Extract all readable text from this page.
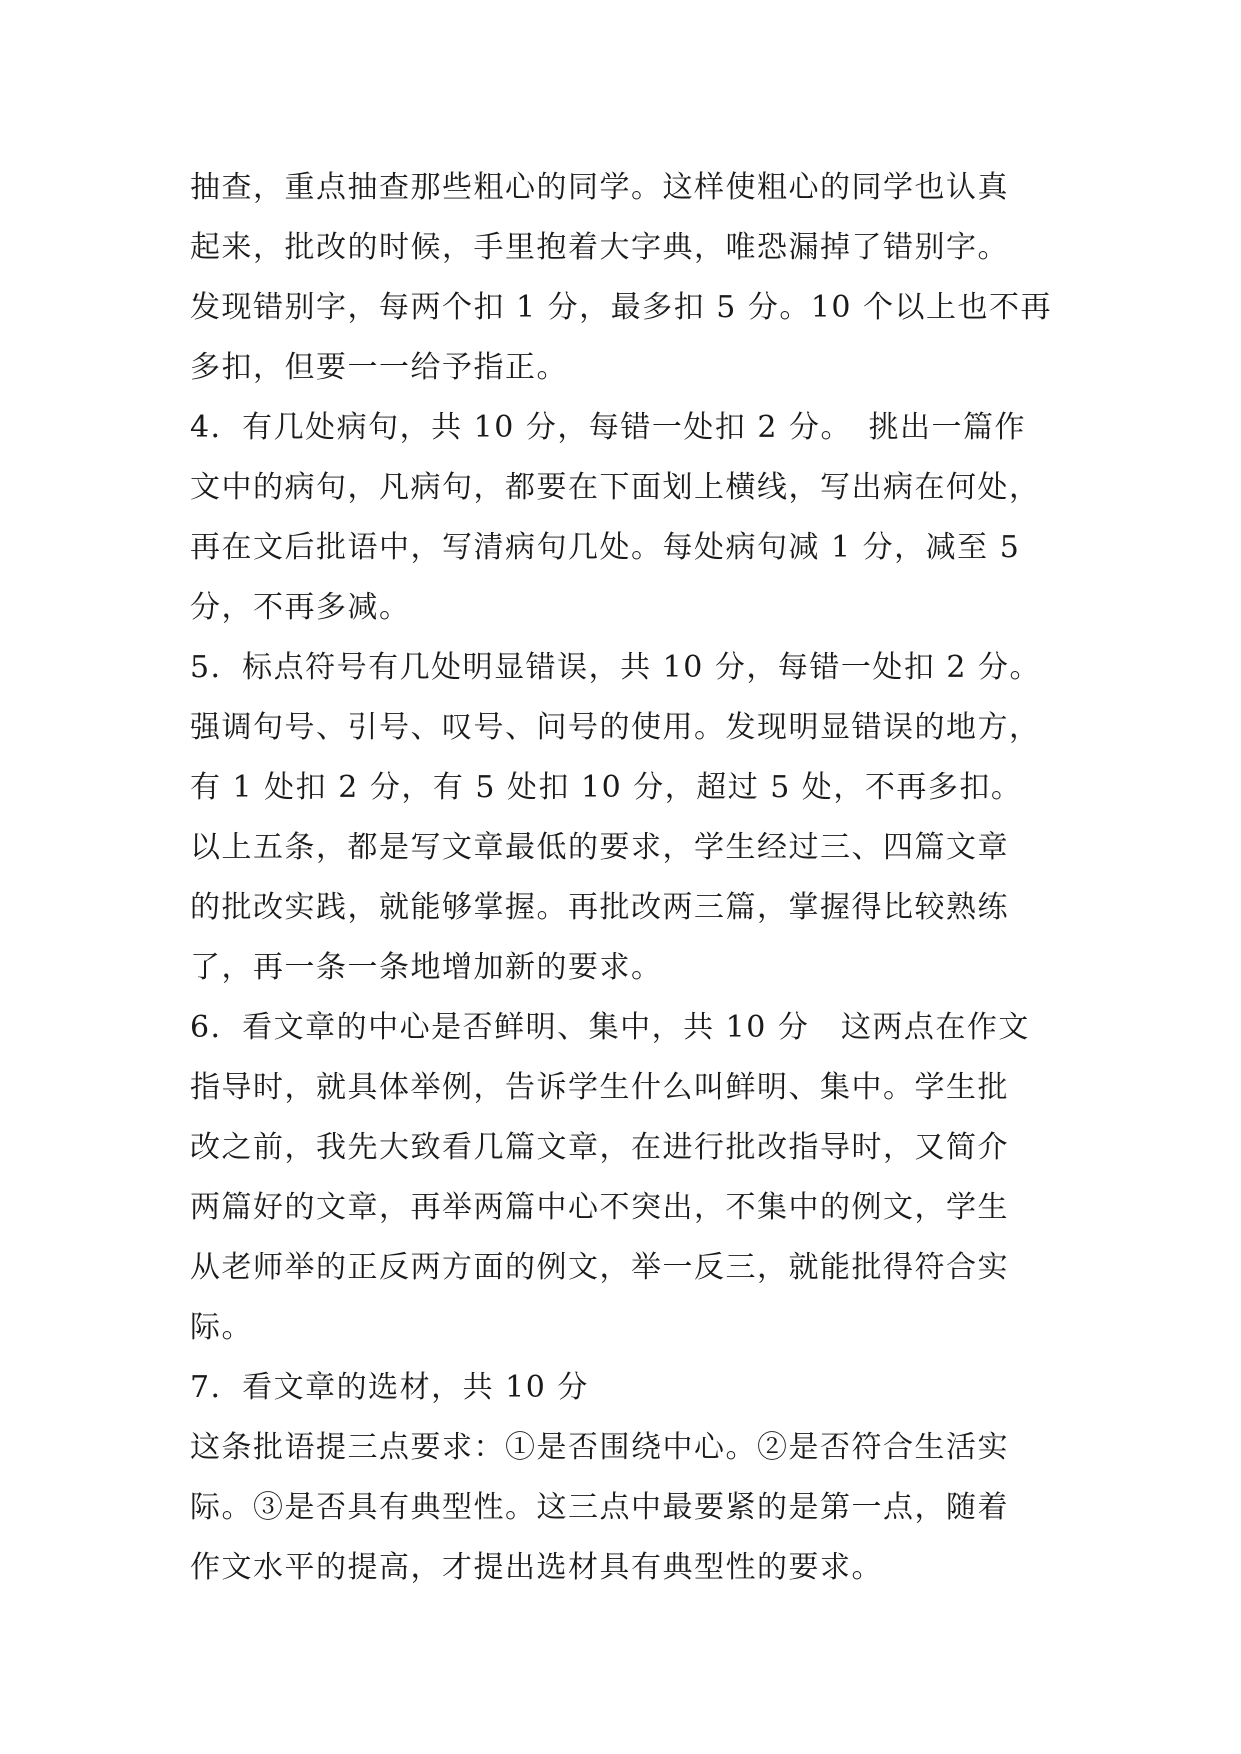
抽查，重点抽查那些粗心的同学。这样使粗心的同学也认真
起来，批改的时候，手里抱着大字典，唯恐漏掉了错别字。
发现错别字，每两个扣 1 分，最多扣 5 分。10 个以上也不再
多扣，但要一一给予指正。
4．有几处病句，共 10 分，每错一处扣 2 分。　挑出一篇作
文中的病句，凡病句，都要在下面划上横线，写出病在何处，
再在文后批语中，写清病句几处。每处病句减 1 分，减至 5
分，不再多减。
5．标点符号有几处明显错误，共 10 分，每错一处扣 2 分。
强调句号、引号、叹号、问号的使用。发现明显错误的地方，
有 1 处扣 2 分，有 5 处扣 10 分，超过 5 处，不再多扣。
以上五条，都是写文章最低的要求，学生经过三、四篇文章
的批改实践，就能够掌握。再批改两三篇，掌握得比较熟练
了，再一条一条地增加新的要求。
6．看文章的中心是否鲜明、集中，共 10 分　这两点在作文
指导时，就具体举例，告诉学生什么叫鲜明、集中。学生批
改之前，我先大致看几篇文章，在进行批改指导时，又简介
两篇好的文章，再举两篇中心不突出，不集中的例文，学生
从老师举的正反两方面的例文，举一反三，就能批得符合实
际。
7．看文章的选材，共 10 分
这条批语提三点要求：①是否围绕中心。②是否符合生活实
际。③是否具有典型性。这三点中最要紧的是第一点，随着
作文水平的提高，才提出选材具有典型性的要求。
